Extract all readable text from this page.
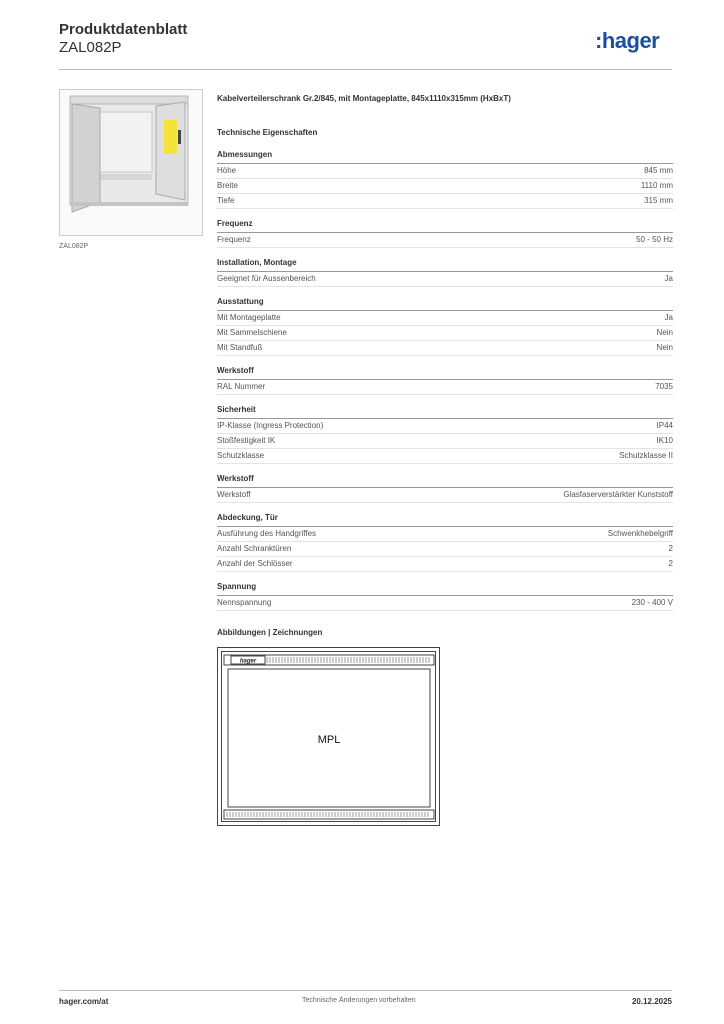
Produktdatenblatt
ZAL082P	:hager
ZAL082P
Kabelverteilerschrank Gr.2/845, mit Montageplatte, 845x1110x315mm (HxBxT)
Technische Eigenschaften
Abmessungen
Höhe	845 mm
Breite	1110 mm
Tiefe	315 mm
Frequenz
Frequenz	50 - 50 Hz
Installation, Montage
Geeignet für Aussenbereich	Ja
Ausstattung
Mit Montageplatte	Ja
Mit Sammelschiene	Nein
Mit Standfuß	Nein
Werkstoff
RAL Nummer	7035
Sicherheit
IP-Klasse (Ingress Protection)	IP44
Stoßfestigkeit IK	IK10
Schutzklasse	Schutzklasse II
Werkstoff
Werkstoff	Glasfaserverstärkter Kunststoff
Abdeckung, Tür
Ausführung des Handgriffes	Schwenkhebelgriff
Anzahl Schranktüren	2
Anzahl der Schlösser	2
Spannung
Nennspannung	230 - 400 V
Abbildungen | Zeichnungen
hager
MPL
hager.com/at	Technische Änderungen vorbehalten	20.12.2025
